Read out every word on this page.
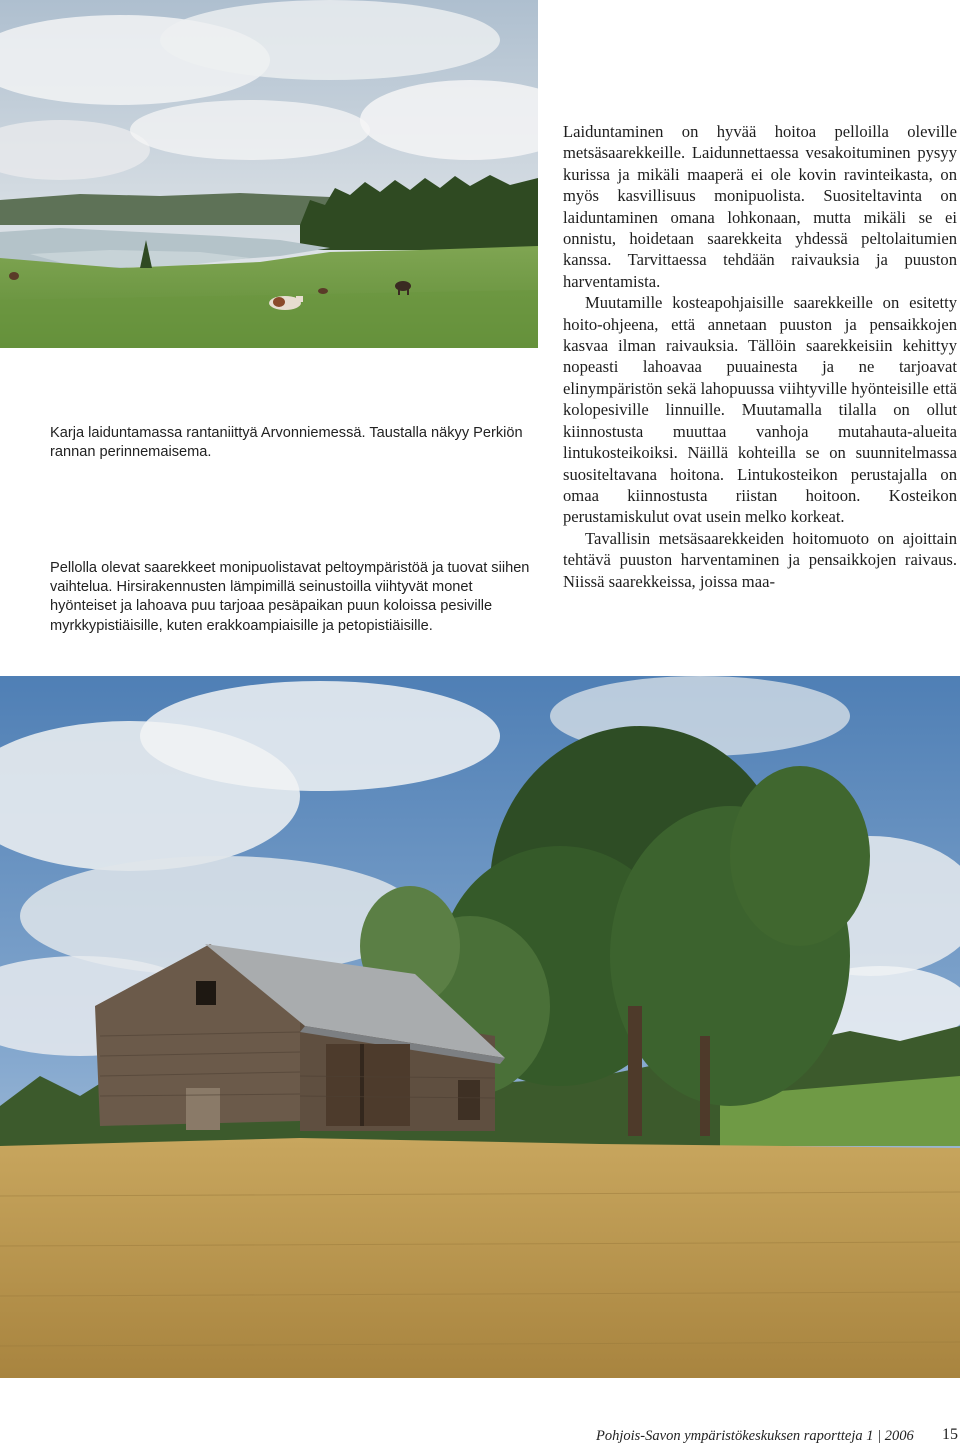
Karja laiduntamassa rantaniittyä Arvonniemessä. Taustalla näkyy Perkiön rannan perinnemaisema.

Pellolla olevat saarekkeet monipuolistavat peltoympäristöä ja tuovat siihen vaihtelua. Hirsirakennusten lämpimillä seinustoilla viihtyvät monet hyönteiset ja lahoava puu tarjoaa pesäpaikan puun koloissa pesiville myrkkypistiäisille, kuten erakkoampiaisille ja petopistiäisille.

Laiduntaminen on hyvää hoitoa pelloilla oleville metsäsaarekkeille. Laidunnettaessa vesakoituminen pysyy kurissa ja mikäli maaperä ei ole kovin ravinteikasta, on myös kasvillisuus monipuolista. Suositeltavinta on laiduntaminen omana lohkonaan, mutta mikäli se ei onnistu, hoidetaan saarekkeita yhdessä peltolaitumien kanssa. Tarvittaessa tehdään raivauksia ja puuston harventamista.

Muutamille kosteapohjaisille saarekkeille on esitetty hoito-ohjeena, että annetaan puuston ja pensaikkojen kasvaa ilman raivauksia. Tällöin saarekkeisiin kehittyy nopeasti lahoavaa puuainesta ja ne tarjoavat elinympäristön sekä lahopuussa viihtyville hyönteisille että kolopesiville linnuille. Muutamalla tilalla on ollut kiinnostusta muuttaa vanhoja mutahauta-alueita lintukosteikoiksi. Näillä kohteilla se on suunnitelmassa suositeltavana hoitona. Lintukosteikon perustajalla on omaa kiinnostusta riistan hoitoon. Kosteikon perustamiskulut ovat usein melko korkeat.

Tavallisin metsäsaarekkeiden hoitomuoto on ajoittain tehtävä puuston harventaminen ja pensaikkojen raivaus. Niissä saarekkeissa, joissa maa-

Pohjois-Savon ympäristökeskuksen raportteja 1 | 2006 15
